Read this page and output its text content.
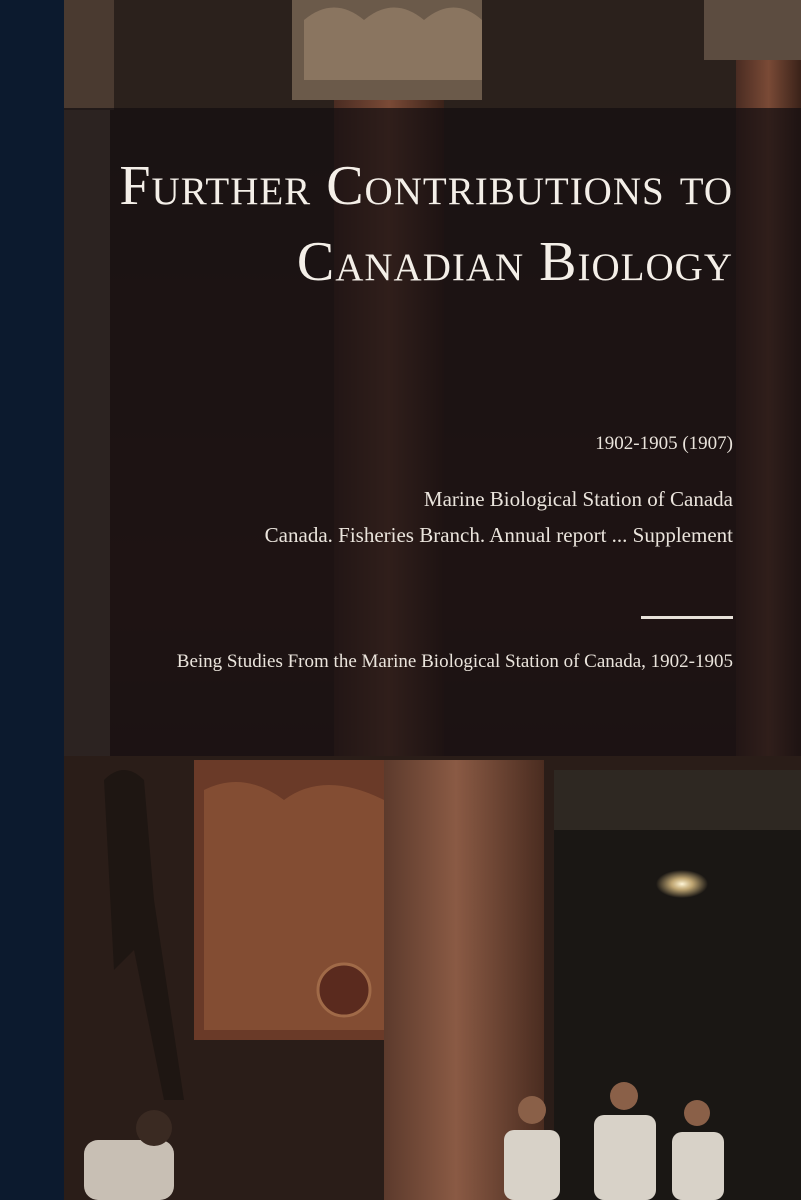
Further Contributions to Canadian Biology
1902-1905 (1907)
Marine Biological Station of Canada
Canada. Fisheries Branch. Annual report ... Supplement

Being Studies From the Marine Biological Station of Canada, 1902-1905
